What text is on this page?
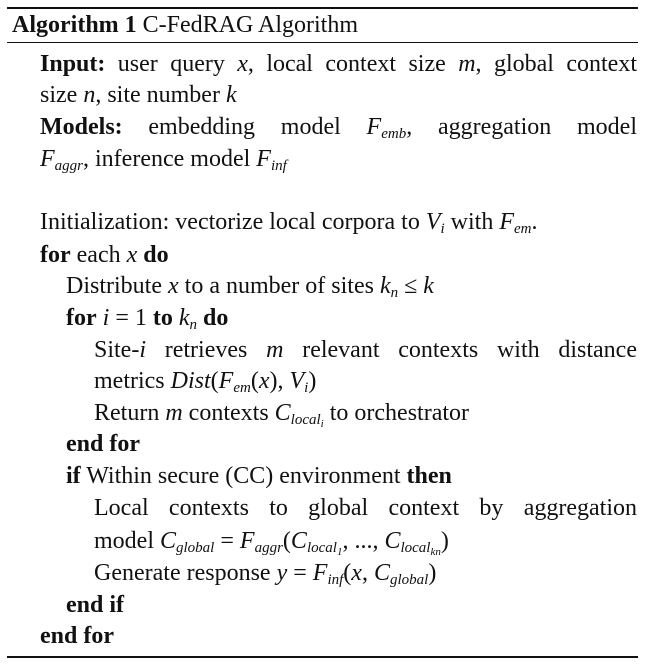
Algorithm 1 C-FedRAG Algorithm
Input: user query x, local context size m, global context
size n, site number k
Models: embedding model $F_{emb}$, aggregation model
$F_{aggr}$, inference model $F_{inf}$
Initialization: vectorize local corpora to $V_i$ with $F_{em}$.
for each x do
Distribute x to a number of sites $k_n \le k$
for i = 1 to $k_n$ do
Site-i retrieves m relevant contexts with distance
metrics $Dist(F_{em}(x)$, $V_i$)
Return m contexts $C_{local_i}$ to orchestrator
end for
if Within secure (CC) environment then
Local contexts to global context by aggregation
model $C_{global} = F_{aggr}(C_{local_1}$, ..., $C_{local_{kn}}$)
Generate response $y = F_{inf}(x$, $C_{global}$)
end if
end for
